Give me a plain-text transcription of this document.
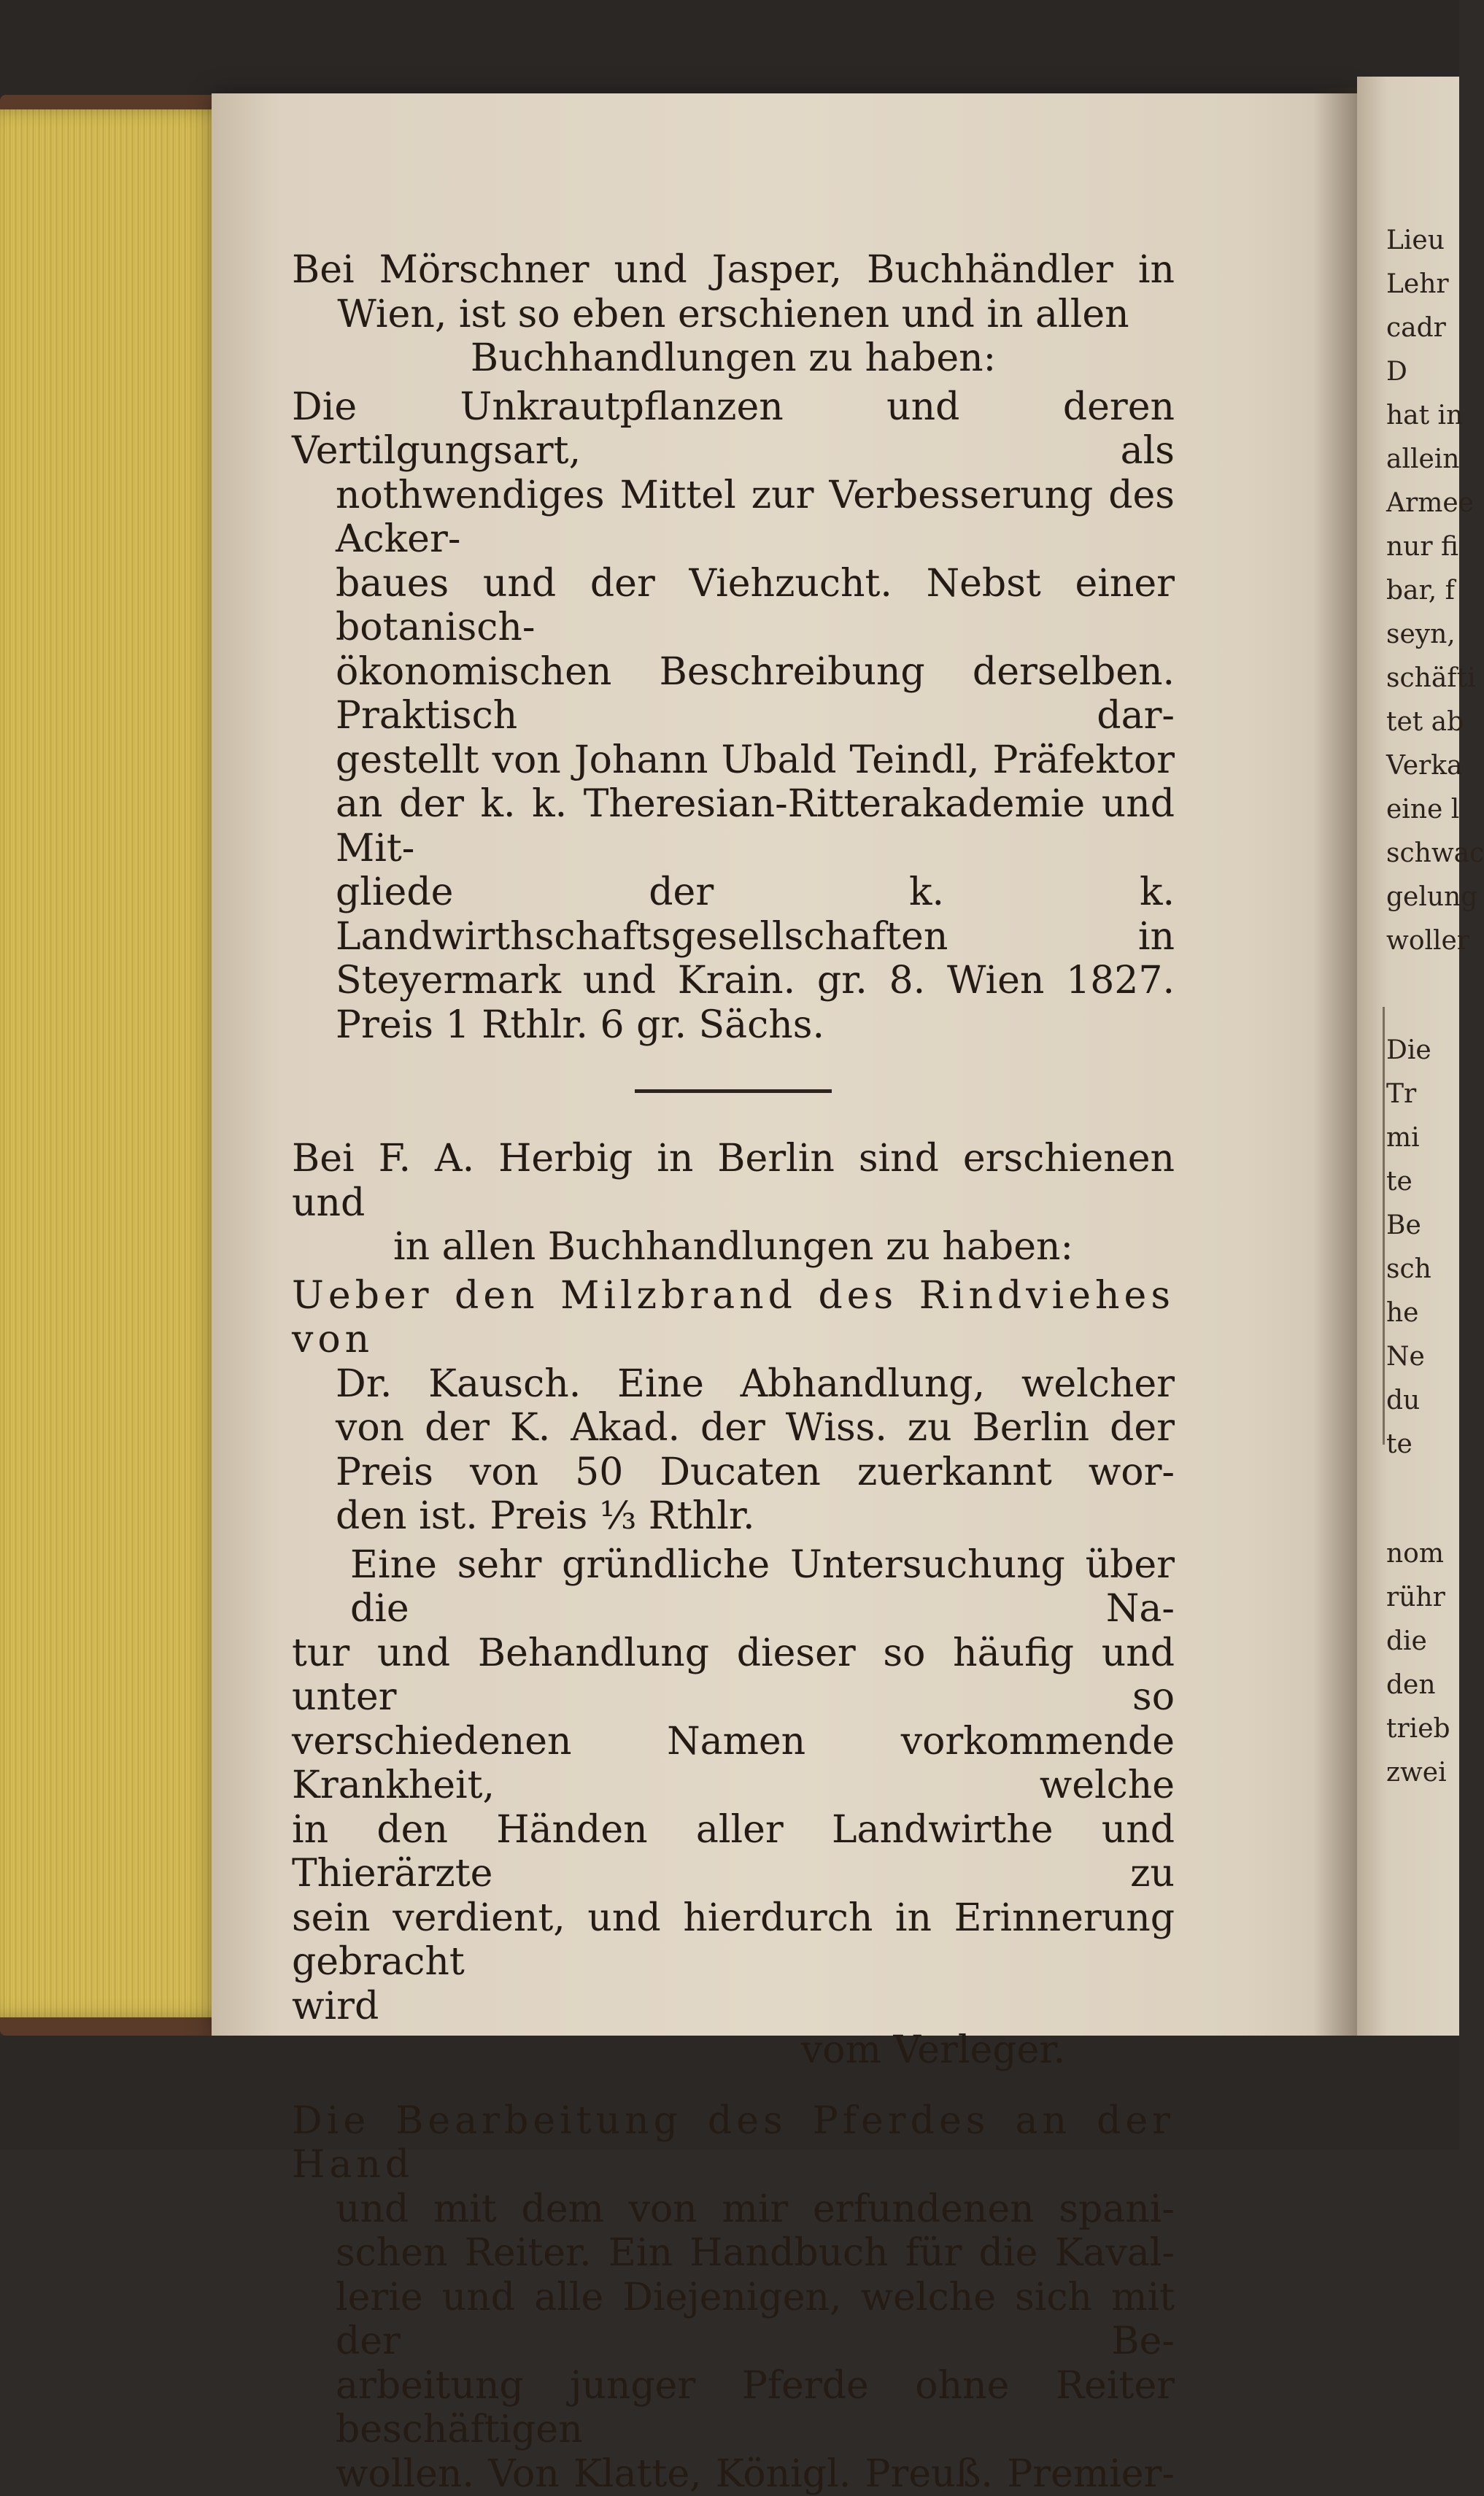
Lieu
Lehr
cadr
D
hat in
allein
Armee
nur fi
bar, f
seyn,
schäfti
tet ab
Verka
eine l
schwac
gelung
woller
Die
Tr
mi
te
Be
sch
he
Ne
du
te
nom
rühr
die
den
trieb
zwei
Bei Mörschner und Jasper, Buchhändler in
Wien, ist so eben erschienen und in allen
Buchhandlungen zu haben:
Die Unkrautpflanzen und deren Vertilgungsart, als
nothwendiges Mittel zur Verbesserung des Acker-
baues und der Viehzucht. Nebst einer botanisch-
ökonomischen Beschreibung derselben. Praktisch dar-
gestellt von Johann Ubald Teindl, Präfektor
an der k. k. Theresian-Ritterakademie und Mit-
gliede der k. k. Landwirthschaftsgesellschaften in
Steyermark und Krain. gr. 8. Wien 1827.
Preis 1 Rthlr. 6 gr. Sächs.
Bei F. A. Herbig in Berlin sind erschienen und
in allen Buchhandlungen zu haben:
Ueber den Milzbrand des Rindviehes von
Dr. Kausch. Eine Abhandlung, welcher
von der K. Akad. der Wiss. zu Berlin der
Preis von 50 Ducaten zuerkannt wor-
den ist. Preis ⅓ Rthlr.
Eine sehr gründliche Untersuchung über die Na-
tur und Behandlung dieser so häufig und unter so
verschiedenen Namen vorkommende Krankheit, welche
in den Händen aller Landwirthe und Thierärzte zu
sein verdient, und hierdurch in Erinnerung gebracht
wird
vom Verleger.
Die Bearbeitung des Pferdes an der Hand
und mit dem von mir erfundenen spani-
schen Reiter. Ein Handbuch für die Kaval-
lerie und alle Diejenigen, welche sich mit der Be-
arbeitung junger Pferde ohne Reiter beschäftigen
wollen. Von Klatte, Königl. Preuß. Premier-
